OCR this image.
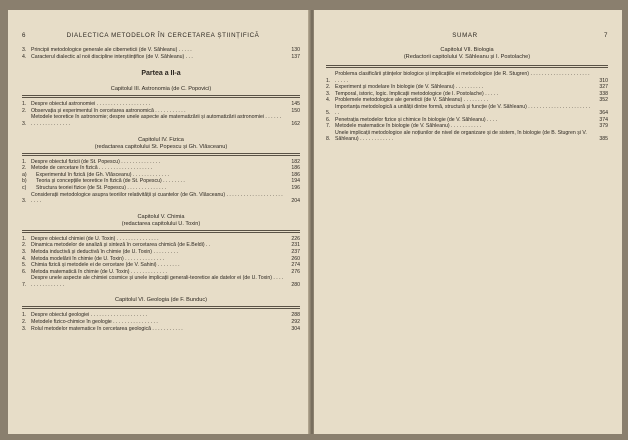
6	DIALECTICA METODELOR ÎN CERCETAREA ȘTIINȚIFICĂ
3. Principii metodologice generale ale ciberneticii (de V. Săhleanu) . . . . .	130
4. Caracterul dialectic al noii discipline interștiințifice (de V. Săhleanu) . . .	137
Partea a II-a
Capitolul III. Astronomia (de C. Popovici)
1. Despre obiectul astronomiei . . . . . . . . . . . . . . . . . . .	145
2. Observația și experimentul în cercetarea astronomică . . . . . . . . . . .	150
3.
Metodele teoretice în astronomie; despre unele aspecte ale matematizării și automatizării astronomiei . . . . . . . . . . . . . . . . . . . .	162
Capitolul IV. Fizica
(redactarea capitolului St. Popescu și Gh. Vlăsceanu)
1. Despre obiectul fizicii (de St. Popescu) . . . . . . . . . . . . . .	182
2. Metode de cercetare în fizică . . . . . . . . . . . . . . . . . . .	186
a)	Experimentul în fizică (de Gh. Vlăsceanu) . . . . . . . . . . . . .	186
b)	Teoria și concepțiile teoretice în fizică (de St. Popescu) . . . . . . . .	194
c)	Structura teoriei fizice (de St. Popescu) . . . . . . . . . . . . . .	196
3.
Considerații metodologice asupra teoriilor relativității și cuantelor (de Gh. Vlăsceanu) . . . . . . . . . . . . . . . . . . . . . . . .	204
Capitolul V. Chimia
(redactarea capitolului U. Toxin)
1. Despre obiectul chimiei (de U. Toxin) . . . . . . . . . . . . . . .	226
2. Dinamica metodelor de analiză și sinteză în cercetarea chimică (de E.Beldi) . .	231
3. Metoda inductivă și deductivă în chimie (de U. Toxin) . . . . . . . . .	237
4. Metoda modelării în chimie (de U. Toxin) . . . . . . . . . . . . . .	260
5. Chimia fizică și metodele ei de cercetare (de V. Sahini) . . . . . . . .	274
6. Metoda matematică în chimie (de U. Toxin) . . . . . . . . . . . . .	276
7.
Despre unele aspecte ale chimiei cosmice și unele implicații generali-teoretice ale datelor ei (de U. Toxin) . . . . . . . . . . . . . . . .	280
Capitolul VI. Geologia (de F. Bunduc)
1. Despre obiectul geologiei . . . . . . . . . . . . . . . . . . . .	288
2. Metodele fizico-chimice în geologie . . . . . . . . . . . . . . . .	292
3. Rolul metodelor matematice în cercetarea geologică . . . . . . . . . . .	304
SUMAR	7
Capitolul VII. Biologia
(Redactorii capitolului V. Săhleanu și I. Postolache)
1.
Problema clasificării științelor biologice și implicațiile ei metodologice (de R. Stugren) . . . . . . . . . . . . . . . . . . . . . . . . . .	310
2. Experiment și modelare în biologie (de V. Săhleanu) . . . . . . . . . .	327
3. Temporal, istoric, logic. Implicații metodologice (de I. Postolache) . . . . .	338
4. Problemele metodologice ale geneticii (de V. Săhleanu) . . . . . . . . .	352
5.
Importanța metodologică a unității dintre formă, structură și funcție (de V. Săhleanu) . . . . . . . . . . . . . . . . . . . . . . . .	364
6. Penetrația metodelor fizice și chimice în biologie (de V. Săhleanu) . . . .	374
7. Metodele matematice în biologie (de V. Săhleanu) . . . . . . . . . . .	379
8.
Unele implicații metodologice ale noțiunilor de nivel de organizare și de sistem, în biologie (de B. Stugren și V. Săhleanu) . . . . . . . . . . . .	385
